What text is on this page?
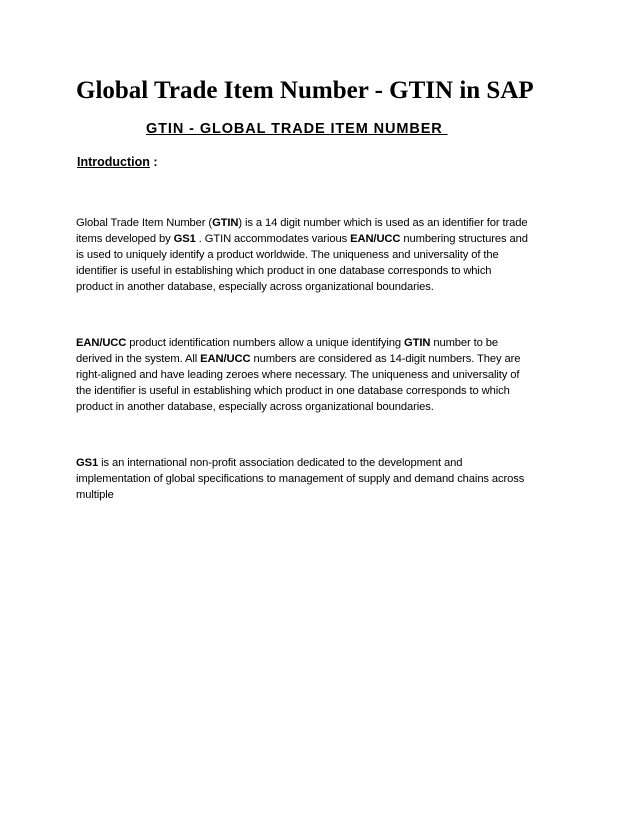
Global Trade Item Number - GTIN in SAP
GTIN - GLOBAL TRADE ITEM NUMBER

Introduction :

Global Trade Item Number (GTIN) is a 14 digit number which is used as an identifier for trade
items developed by GS1 . GTIN accommodates various EAN/UCC numbering structures and
is used to uniquely identify a product worldwide. The uniqueness and universality of the
identifier is useful in establishing which product in one database corresponds to which
product in another database, especially across organizational boundaries.

EAN/UCC product identification numbers allow a unique identifying GTIN number to be
derived in the system. All EAN/UCC numbers are considered as 14-digit numbers. They are
right-aligned and have leading zeroes where necessary. The uniqueness and universality of
the identifier is useful in establishing which product in one database corresponds to which
product in another database, especially across organizational boundaries.

GS1 is an international non-profit association dedicated to the development and
implementation of global specifications to management of supply and demand chains across
multiple
